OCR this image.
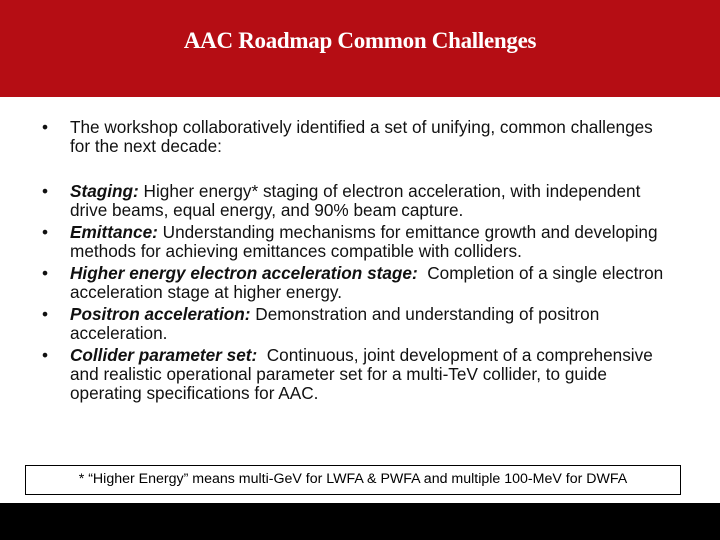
AAC Roadmap Common Challenges
• The workshop collaboratively identified a set of unifying, common challenges for the next decade:
• Staging: Higher energy* staging of electron acceleration, with independent drive beams, equal energy, and 90% beam capture.
• Emittance: Understanding mechanisms for emittance growth and developing methods for achieving emittances compatible with colliders.
• Higher energy electron acceleration stage:  Completion of a single electron acceleration stage at higher energy.
• Positron acceleration: Demonstration and understanding of positron acceleration.
• Collider parameter set:  Continuous, joint development of a comprehensive and realistic operational parameter set for a multi-TeV collider, to guide operating specifications for AAC.
* “Higher Energy” means multi-GeV for LWFA & PWFA and multiple 100-MeV for DWFA
